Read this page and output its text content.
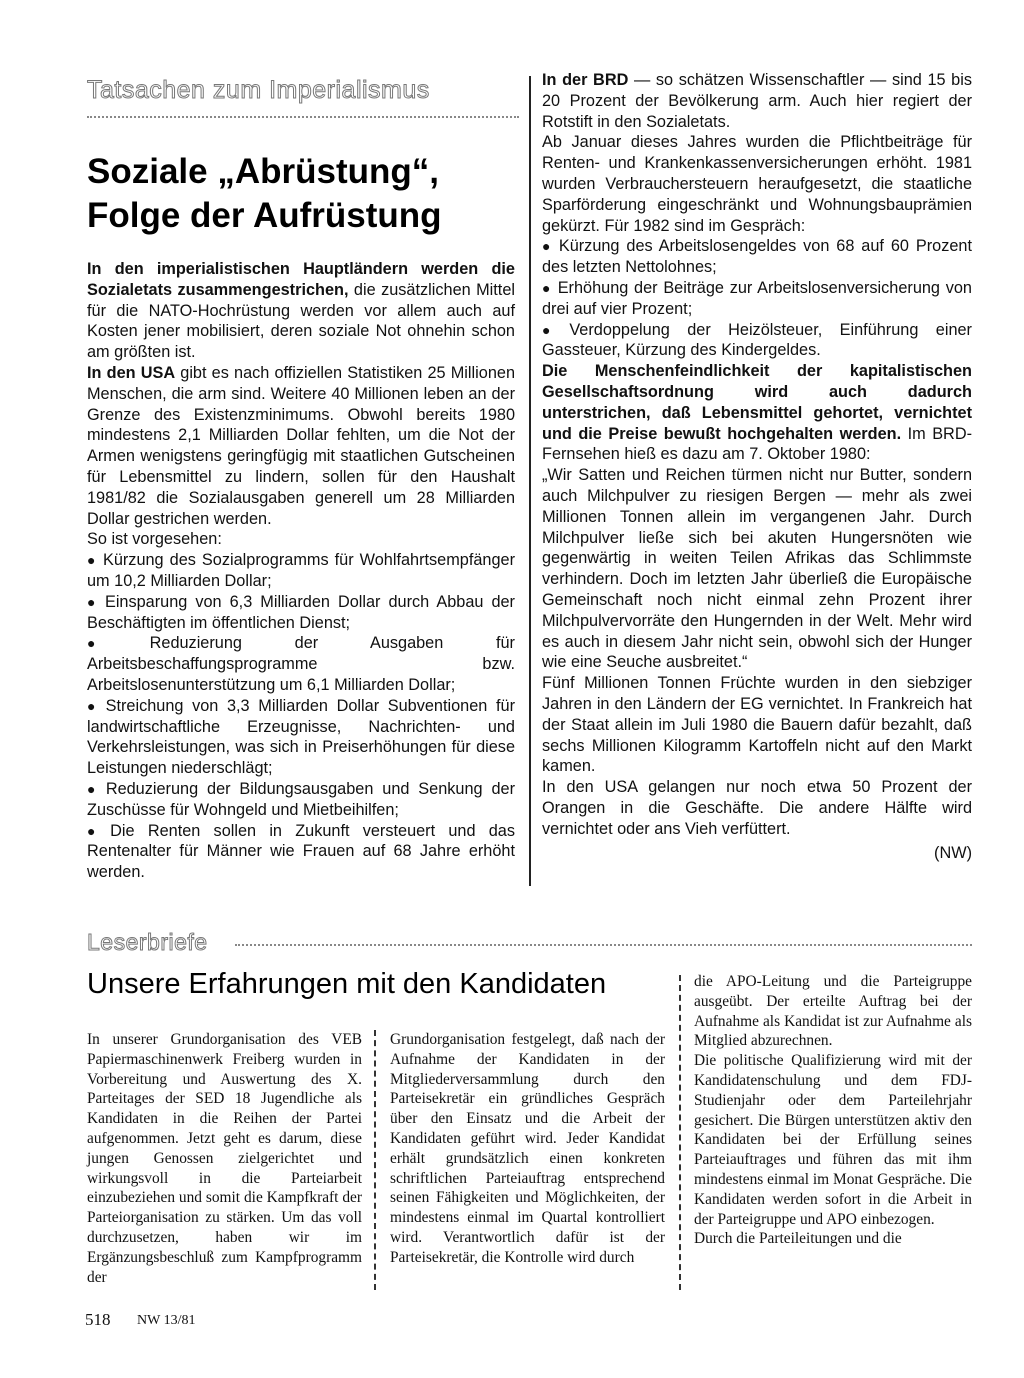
Tatsachen zum Imperialismus
Soziale „Abrüstung“,
Folge der Aufrüstung

In den imperialistischen Hauptländern werden die Sozialetats zusammengestrichen, die zusätzlichen Mittel für die NATO-Hochrüstung werden vor allem auch auf Kosten jener mobilisiert, deren soziale Not ohnehin schon am größten ist.

In den USA gibt es nach offiziellen Statistiken 25 Millionen Menschen, die arm sind. Weitere 40 Millionen leben an der Grenze des Existenzminimums. Obwohl bereits 1980 mindestens 2,1 Milliarden Dollar fehlten, um die Not der Armen wenigstens geringfügig mit staatlichen Gutscheinen für Lebensmittel zu lindern, sollen für den Haushalt 1981/82 die Sozialausgaben generell um 28 Milliarden Dollar gestrichen werden.

So ist vorgesehen:

● Kürzung des Sozialprogramms für Wohlfahrtsempfänger um 10,2 Milliarden Dollar;

● Einsparung von 6,3 Milliarden Dollar durch Abbau der Beschäftigten im öffentlichen Dienst;

● Reduzierung der Ausgaben für Arbeitsbeschaffungsprogramme bzw. Arbeitslosenunterstützung um 6,1 Milliarden Dollar;

● Streichung von 3,3 Milliarden Dollar Subventionen für landwirtschaftliche Erzeugnisse, Nachrichten- und Verkehrsleistungen, was sich in Preiserhöhungen für diese Leistungen niederschlägt;

● Reduzierung der Bildungsausgaben und Senkung der Zuschüsse für Wohngeld und Mietbeihilfen;

● Die Renten sollen in Zukunft versteuert und das Rentenalter für Männer wie Frauen auf 68 Jahre erhöht werden.

In der BRD — so schätzen Wissenschaftler — sind 15 bis 20 Prozent der Bevölkerung arm. Auch hier regiert der Rotstift in den Sozialetats.

Ab Januar dieses Jahres wurden die Pflichtbeiträge für Renten- und Krankenkassenversicherungen erhöht. 1981 wurden Verbrauchersteuern heraufgesetzt, die staatliche Sparförderung eingeschränkt und Wohnungsbauprämien gekürzt. Für 1982 sind im Gespräch:

● Kürzung des Arbeitslosengeldes von 68 auf 60 Prozent des letzten Nettolohnes;

● Erhöhung der Beiträge zur Arbeitslosenversicherung von drei auf vier Prozent;

● Verdoppelung der Heizölsteuer, Einführung einer Gassteuer, Kürzung des Kindergeldes.

Die Menschenfeindlichkeit der kapitalistischen Gesellschaftsordnung wird auch dadurch unterstrichen, daß Lebensmittel gehortet, vernichtet und die Preise bewußt hochgehalten werden. Im BRD-Fernsehen hieß es dazu am 7. Oktober 1980:

„Wir Satten und Reichen türmen nicht nur Butter, sondern auch Milchpulver zu riesigen Bergen — mehr als zwei Millionen Tonnen allein im vergangenen Jahr. Durch Milchpulver ließe sich bei akuten Hungersnöten wie gegenwärtig in weiten Teilen Afrikas das Schlimmste verhindern. Doch im letzten Jahr überließ die Europäische Gemeinschaft noch nicht einmal zehn Prozent ihrer Milchpulvervorräte den Hungernden in der Welt. Mehr wird es auch in diesem Jahr nicht sein, obwohl sich der Hunger wie eine Seuche ausbreitet.“

Fünf Millionen Tonnen Früchte wurden in den siebziger Jahren in den Ländern der EG vernichtet. In Frankreich hat der Staat allein im Juli 1980 die Bauern dafür bezahlt, daß sechs Millionen Kilogramm Kartoffeln nicht auf den Markt kamen.

In den USA gelangen nur noch etwa 50 Prozent der Orangen in die Geschäfte. Die andere Hälfte wird vernichtet oder ans Vieh verfüttert.

(NW)

Leserbriefe
Unsere Erfahrungen mit den Kandidaten

In unserer Grundorganisation des VEB Papiermaschinenwerk Freiberg wurden in Vorbereitung und Auswertung des X. Parteitages der SED 18 Jugendliche als Kandidaten in die Reihen der Partei aufgenommen. Jetzt geht es darum, diese jungen Genossen zielgerichtet und wirkungsvoll in die Parteiarbeit einzubeziehen und somit die Kampfkraft der Parteiorganisation zu stärken. Um das voll durchzusetzen, haben wir im Ergänzungsbeschluß zum Kampfprogramm der

Grundorganisation festgelegt, daß nach der Aufnahme der Kandidaten in der Mitgliederversammlung durch den Parteisekretär ein gründliches Gespräch über den Einsatz und die Arbeit der Kandidaten geführt wird. Jeder Kandidat erhält grundsätzlich einen konkreten schriftlichen Parteiauftrag entsprechend seinen Fähigkeiten und Möglichkeiten, der mindestens einmal im Quartal kontrolliert wird. Verantwortlich dafür ist der Parteisekretär, die Kontrolle wird durch

die APO-Leitung und die Parteigruppe ausgeübt. Der erteilte Auftrag bei der Aufnahme als Kandidat ist zur Aufnahme als Mitglied abzurechnen.

Die politische Qualifizierung wird mit der Kandidatenschulung und dem FDJ-Studienjahr oder dem Parteilehrjahr gesichert. Die Bürgen unterstützen aktiv den Kandidaten bei der Erfüllung seines Parteiauftrages und führen das mit ihm mindestens einmal im Monat Gespräche. Die Kandidaten werden sofort in die Arbeit in der Parteigruppe und APO einbezogen.

Durch die Parteileitungen und die

518 NW 13/81
